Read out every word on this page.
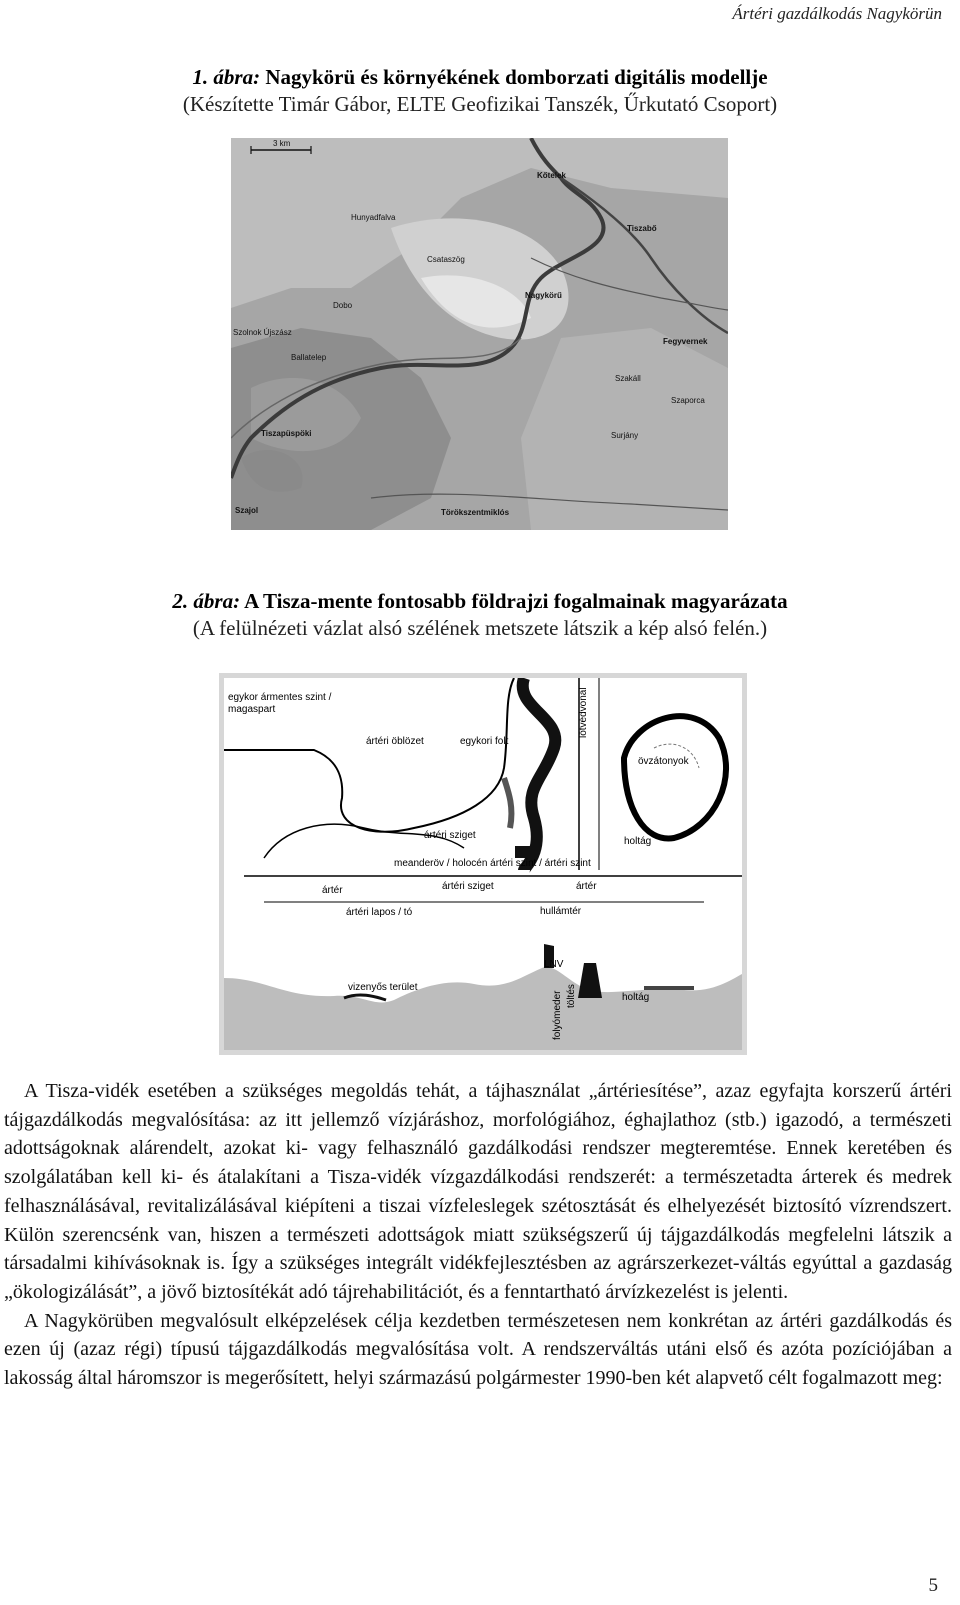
Ártéri gazdálkodás Nagykörün
1. ábra: Nagykörü és környékének domborzati digitális modellje
(Készítette Timár Gábor, ELTE Geofizikai Tanszék, Űrkutató Csoport)
3 km
Kőtelek
Hunyadfalva
Tiszabő
Csataszög
Nagykörű
Dobo
Szolnok Újszász
Fegyvernek
Ballatelep
Szakáll
Szaporca
Tiszapüspöki	Surjány
Szajol	Törökszentmiklós
2. ábra: A Tisza-mente fontosabb földrajzi fogalmainak magyarázata
(A felülnézeti vázlat alsó szélének metszete látszik a kép alsó felén.)
egykor ármentes szint /
magaspart
ártéri öblözet	egykori folt
lőtvédvonal
övzátonyok
ártéri sziget
holtág
meanderöv / holocén ártéri szint / ártéri szint
ártér	ártéri sziget	ártér
ártéri lapos / tó	hullámtér
LNV
folyómeder töltés
vizenyős terület
holtág

A Tisza-vidék esetében a szükséges megoldás tehát, a tájhasználat „ártériesítése”, azaz egyfajta korszerű ártéri tájgazdálkodás megvalósítása: az itt jellemző vízjáráshoz, morfológiához, éghajlathoz (stb.) igazodó, a természeti adottságoknak alárendelt, azokat ki- vagy felhasználó gazdálkodási rendszer megteremtése. Ennek keretében és szolgálatában kell ki- és átalakítani a Tisza-vidék vízgazdálkodási rendszerét: a természetadta árterek és medrek felhasználásával, revitalizálásával kiépíteni a tiszai vízfeleslegek szétosztását és elhelyezését biztosító vízrendszert. Külön szerencsénk van, hiszen a természeti adottságok miatt szükségszerű új tájgazdálkodás megfelelni látszik a társadalmi kihívásoknak is. Így a szükséges integrált vidékfejlesztésben az agrárszerkezet-váltás egyúttal a gazdaság „ökologizálását”, a jövő biztosítékát adó tájrehabilitációt, és a fenntartható árvízkezelést is jelenti.

A Nagykörüben megvalósult elképzelések célja kezdetben természetesen nem konkrétan az ártéri gazdálkodás és ezen új (azaz régi) típusú tájgazdálkodás megvalósítása volt. A rendszerváltás utáni első és azóta pozíciójában a lakosság által háromszor is megerősített, helyi származású polgármester 1990-ben két alapvető célt fogalmazott meg:

5
